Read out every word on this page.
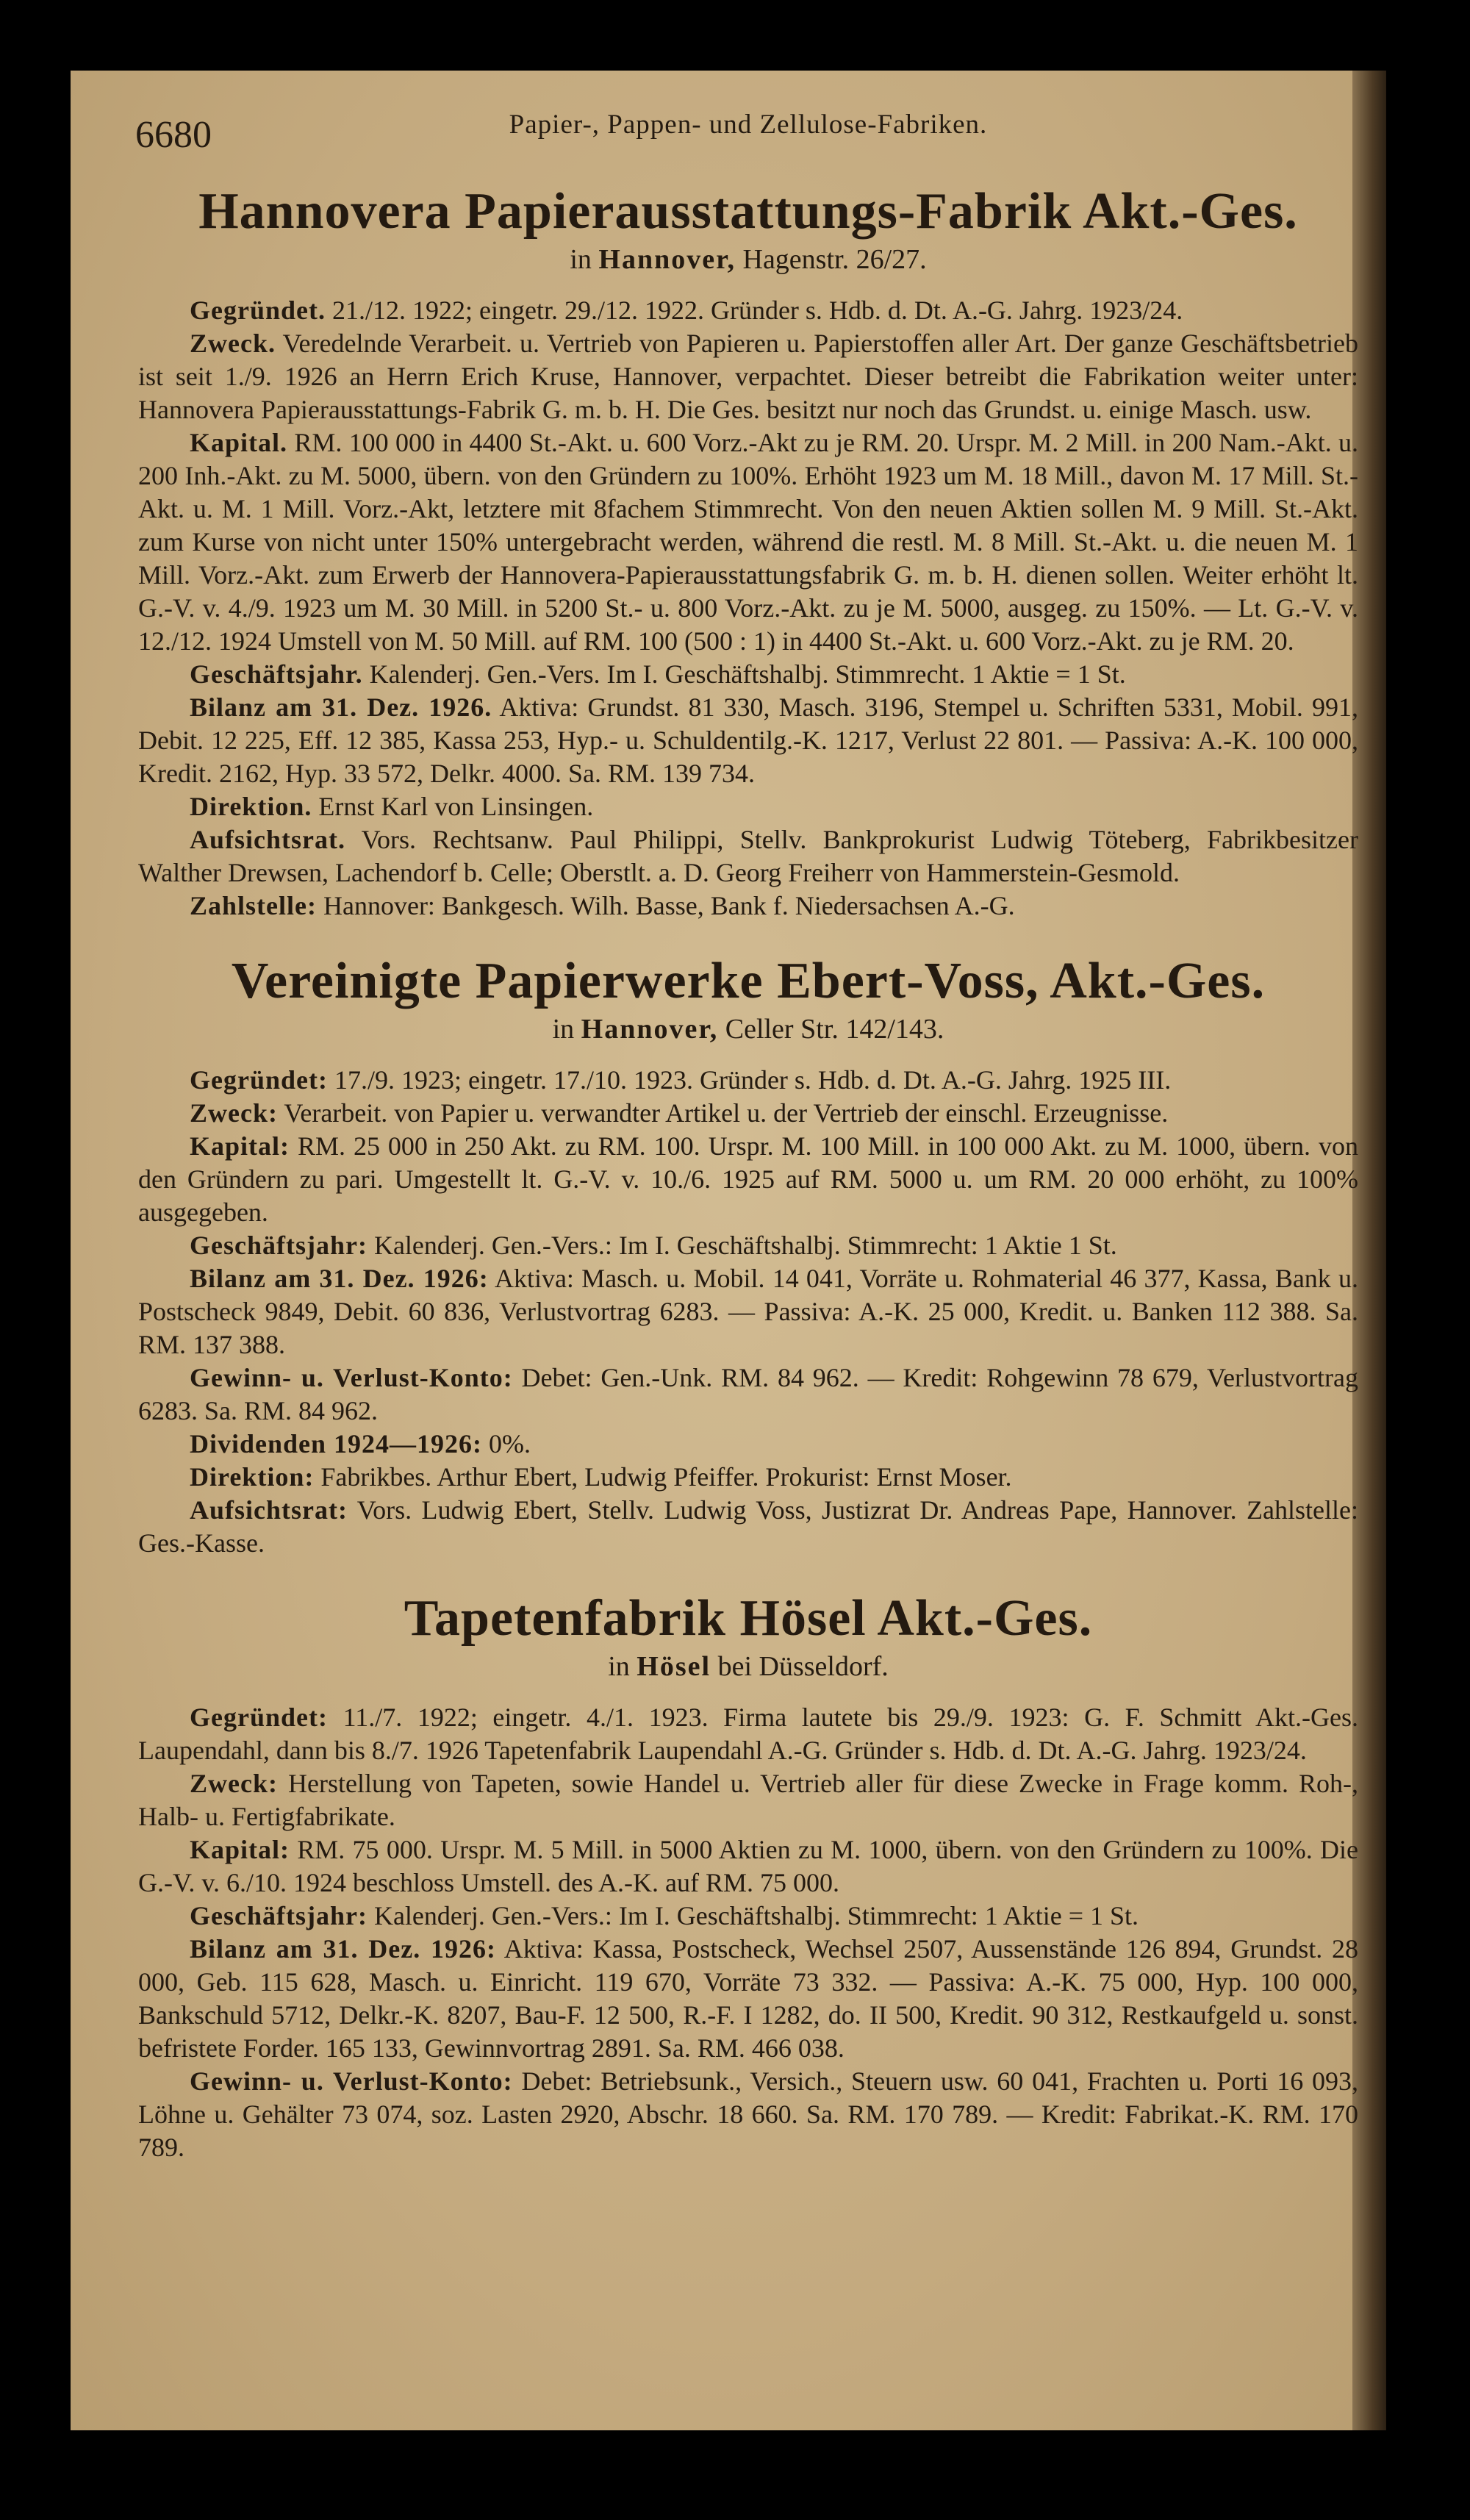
6680	Papier-, Pappen- und Zellulose-Fabriken.
Hannovera Papierausstattungs-Fabrik Akt.-Ges.
in Hannover, Hagenstr. 26/27.

Gegründet. 21./12. 1922; eingetr. 29./12. 1922. Gründer s. Hdb. d. Dt. A.-G. Jahrg. 1923/24.

Zweck. Veredelnde Verarbeit. u. Vertrieb von Papieren u. Papierstoffen aller Art. Der ganze Geschäftsbetrieb ist seit 1./9. 1926 an Herrn Erich Kruse, Hannover, verpachtet. Dieser betreibt die Fabrikation weiter unter: Hannovera Papierausstattungs-Fabrik G. m. b. H. Die Ges. besitzt nur noch das Grundst. u. einige Masch. usw.

Kapital. RM. 100 000 in 4400 St.-Akt. u. 600 Vorz.-Akt zu je RM. 20. Urspr. M. 2 Mill. in 200 Nam.-Akt. u. 200 Inh.-Akt. zu M. 5000, übern. von den Gründern zu 100%. Erhöht 1923 um M. 18 Mill., davon M. 17 Mill. St.-Akt. u. M. 1 Mill. Vorz.-Akt, letztere mit 8fachem Stimmrecht. Von den neuen Aktien sollen M. 9 Mill. St.-Akt. zum Kurse von nicht unter 150% untergebracht werden, während die restl. M. 8 Mill. St.-Akt. u. die neuen M. 1 Mill. Vorz.-Akt. zum Erwerb der Hannovera-Papierausstattungsfabrik G. m. b. H. dienen sollen. Weiter erhöht lt. G.-V. v. 4./9. 1923 um M. 30 Mill. in 5200 St.- u. 800 Vorz.-Akt. zu je M. 5000, ausgeg. zu 150%. — Lt. G.-V. v. 12./12. 1924 Umstell von M. 50 Mill. auf RM. 100 (500 : 1) in 4400 St.-Akt. u. 600 Vorz.-Akt. zu je RM. 20.

Geschäftsjahr. Kalenderj. Gen.-Vers. Im I. Geschäftshalbj. Stimmrecht. 1 Aktie = 1 St.

Bilanz am 31. Dez. 1926. Aktiva: Grundst. 81 330, Masch. 3196, Stempel u. Schriften 5331, Mobil. 991, Debit. 12 225, Eff. 12 385, Kassa 253, Hyp.- u. Schuldentilg.-K. 1217, Verlust 22 801. — Passiva: A.-K. 100 000, Kredit. 2162, Hyp. 33 572, Delkr. 4000. Sa. RM. 139 734.

Direktion. Ernst Karl von Linsingen.

Aufsichtsrat. Vors. Rechtsanw. Paul Philippi, Stellv. Bankprokurist Ludwig Töteberg, Fabrikbesitzer Walther Drewsen, Lachendorf b. Celle; Oberstlt. a. D. Georg Freiherr von Hammerstein-Gesmold.

Zahlstelle: Hannover: Bankgesch. Wilh. Basse, Bank f. Niedersachsen A.-G.

Vereinigte Papierwerke Ebert-Voss, Akt.-Ges.
in Hannover, Celler Str. 142/143.

Gegründet: 17./9. 1923; eingetr. 17./10. 1923. Gründer s. Hdb. d. Dt. A.-G. Jahrg. 1925 III.

Zweck: Verarbeit. von Papier u. verwandter Artikel u. der Vertrieb der einschl. Erzeugnisse.

Kapital: RM. 25 000 in 250 Akt. zu RM. 100. Urspr. M. 100 Mill. in 100 000 Akt. zu M. 1000, übern. von den Gründern zu pari. Umgestellt lt. G.-V. v. 10./6. 1925 auf RM. 5000 u. um RM. 20 000 erhöht, zu 100% ausgegeben.

Geschäftsjahr: Kalenderj. Gen.-Vers.: Im I. Geschäftshalbj. Stimmrecht: 1 Aktie 1 St.

Bilanz am 31. Dez. 1926: Aktiva: Masch. u. Mobil. 14 041, Vorräte u. Rohmaterial 46 377, Kassa, Bank u. Postscheck 9849, Debit. 60 836, Verlustvortrag 6283. — Passiva: A.-K. 25 000, Kredit. u. Banken 112 388. Sa. RM. 137 388.

Gewinn- u. Verlust-Konto: Debet: Gen.-Unk. RM. 84 962. — Kredit: Rohgewinn 78 679, Verlustvortrag 6283. Sa. RM. 84 962.

Dividenden 1924—1926: 0%.

Direktion: Fabrikbes. Arthur Ebert, Ludwig Pfeiffer. Prokurist: Ernst Moser.

Aufsichtsrat: Vors. Ludwig Ebert, Stellv. Ludwig Voss, Justizrat Dr. Andreas Pape, Hannover. Zahlstelle: Ges.-Kasse.

Tapetenfabrik Hösel Akt.-Ges.
in Hösel bei Düsseldorf.

Gegründet: 11./7. 1922; eingetr. 4./1. 1923. Firma lautete bis 29./9. 1923: G. F. Schmitt Akt.-Ges. Laupendahl, dann bis 8./7. 1926 Tapetenfabrik Laupendahl A.-G. Gründer s. Hdb. d. Dt. A.-G. Jahrg. 1923/24.

Zweck: Herstellung von Tapeten, sowie Handel u. Vertrieb aller für diese Zwecke in Frage komm. Roh-, Halb- u. Fertigfabrikate.

Kapital: RM. 75 000. Urspr. M. 5 Mill. in 5000 Aktien zu M. 1000, übern. von den Gründern zu 100%. Die G.-V. v. 6./10. 1924 beschloss Umstell. des A.-K. auf RM. 75 000.

Geschäftsjahr: Kalenderj. Gen.-Vers.: Im I. Geschäftshalbj. Stimmrecht: 1 Aktie = 1 St.

Bilanz am 31. Dez. 1926: Aktiva: Kassa, Postscheck, Wechsel 2507, Aussenstände 126 894, Grundst. 28 000, Geb. 115 628, Masch. u. Einricht. 119 670, Vorräte 73 332. — Passiva: A.-K. 75 000, Hyp. 100 000, Bankschuld 5712, Delkr.-K. 8207, Bau-F. 12 500, R.-F. I 1282, do. II 500, Kredit. 90 312, Restkaufgeld u. sonst. befristete Forder. 165 133, Gewinnvortrag 2891. Sa. RM. 466 038.

Gewinn- u. Verlust-Konto: Debet: Betriebsunk., Versich., Steuern usw. 60 041, Frachten u. Porti 16 093, Löhne u. Gehälter 73 074, soz. Lasten 2920, Abschr. 18 660. Sa. RM. 170 789. — Kredit: Fabrikat.-K. RM. 170 789.
